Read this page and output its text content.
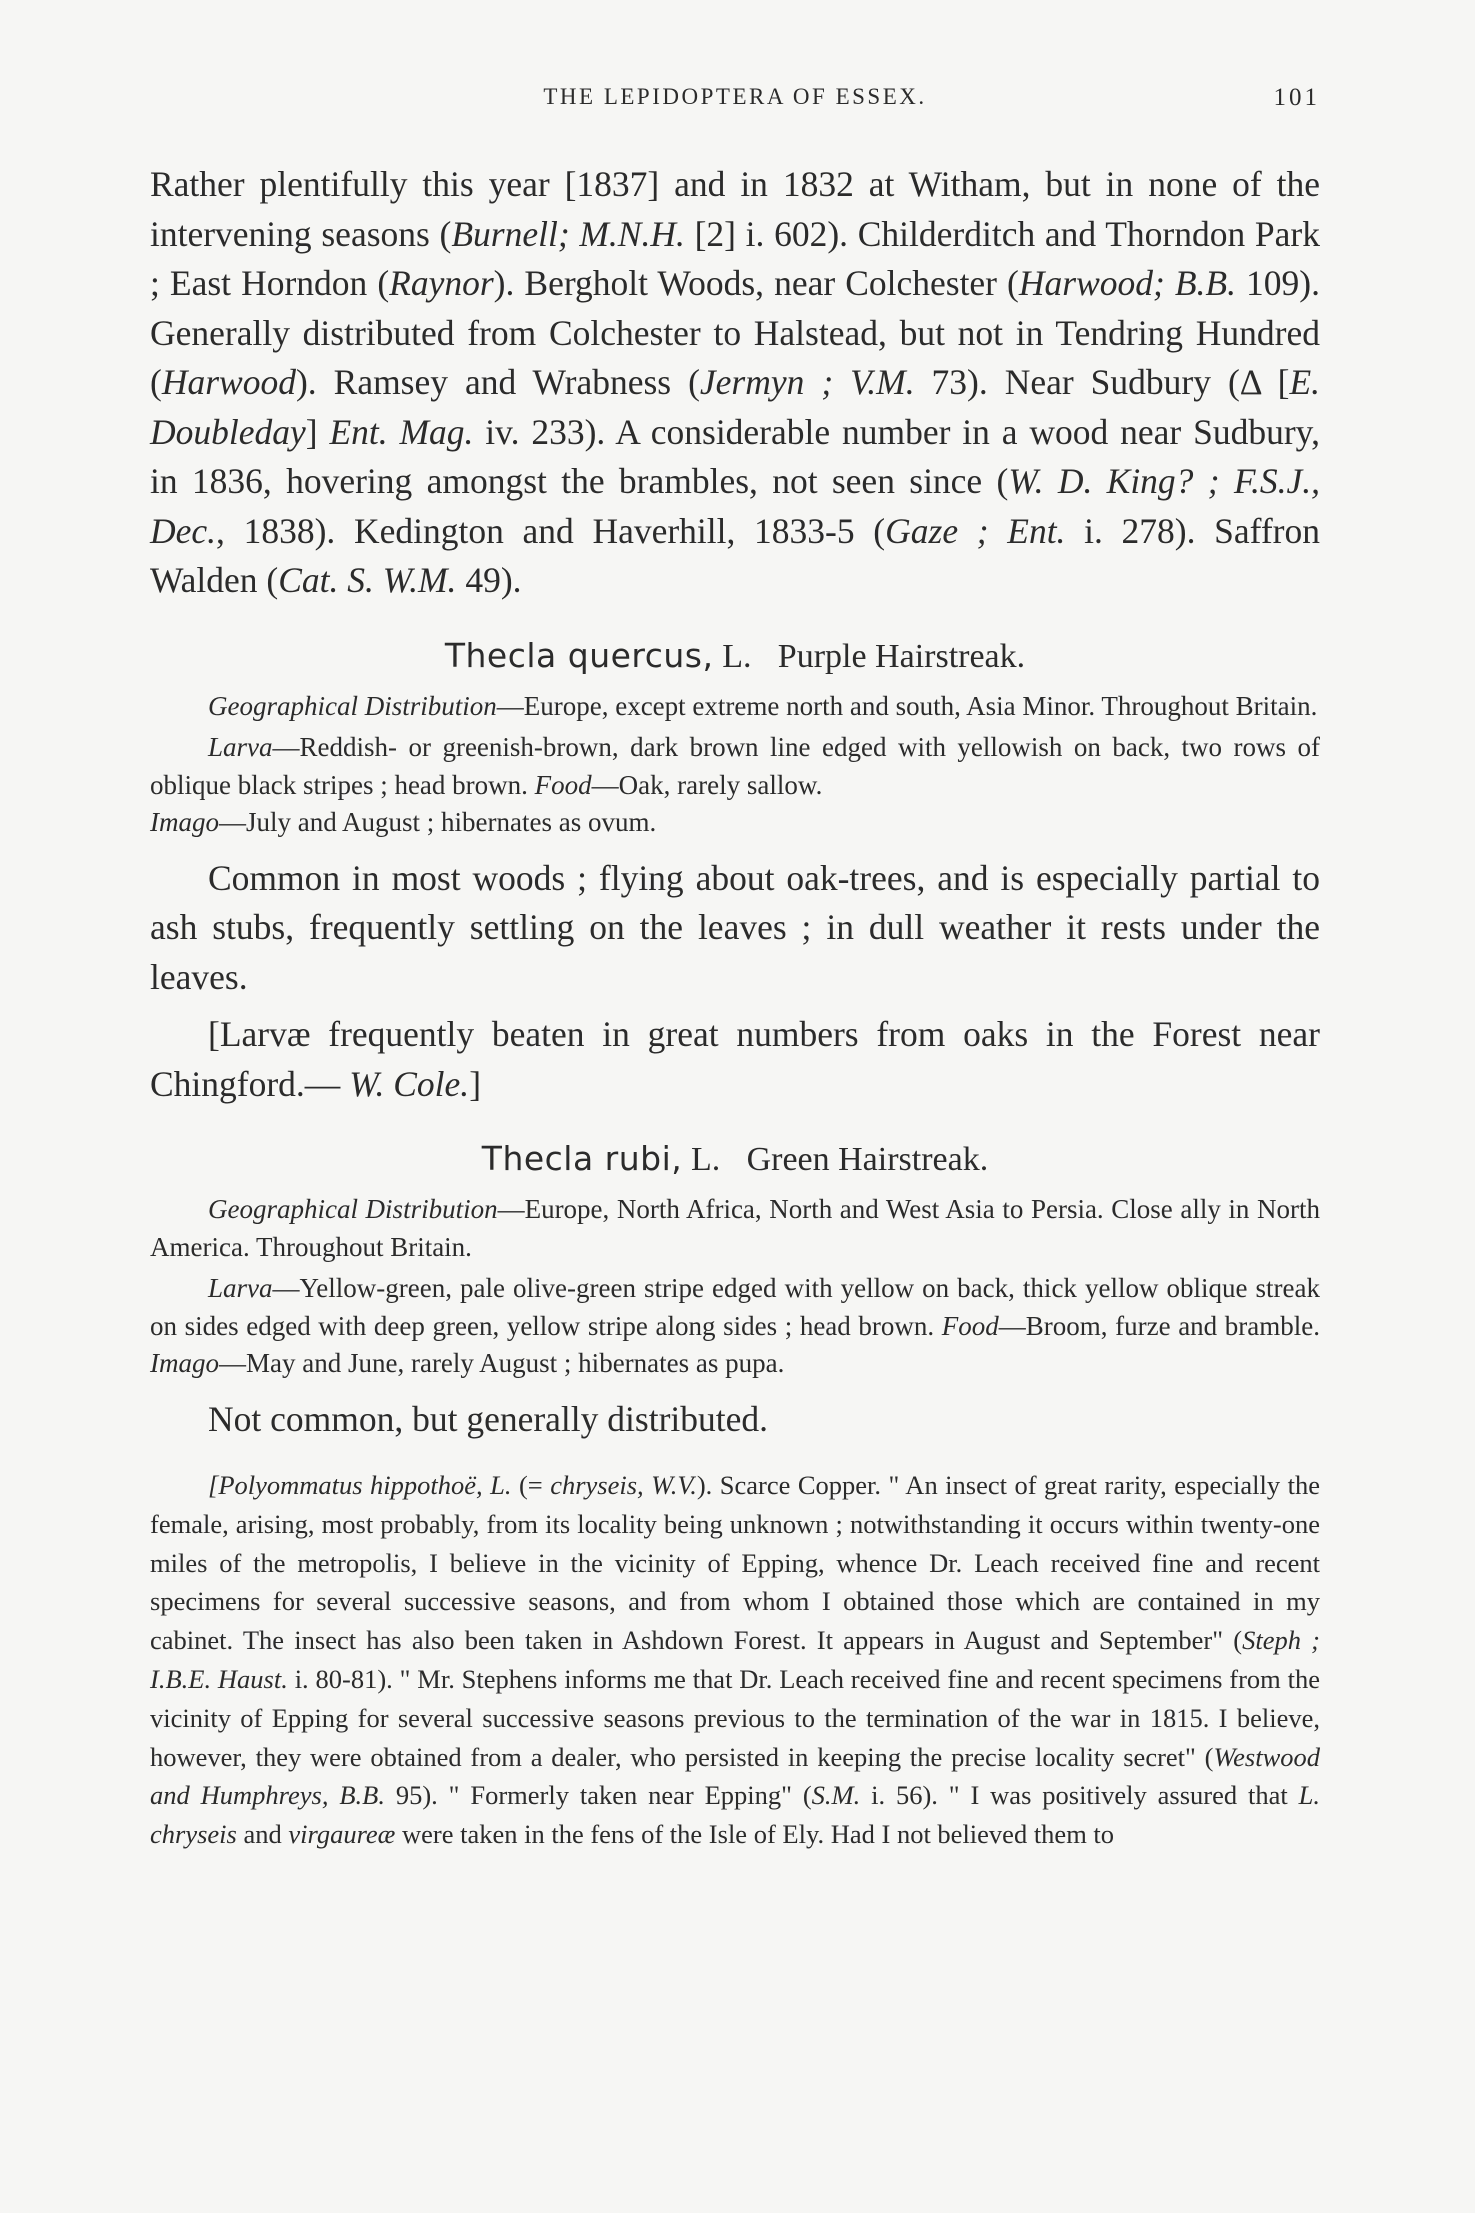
THE LEPIDOPTERA OF ESSEX.	101

Rather plentifully this year [1837] and in 1832 at Witham, but in none of the intervening seasons (Burnell; M.N.H. [2] i. 602). Childerditch and Thorndon Park ; East Horndon (Raynor). Bergholt Woods, near Colchester (Harwood; B.B. 109). Generally distributed from Colchester to Halstead, but not in Tendring Hundred (Harwood). Ramsey and Wrabness (Jermyn ; V.M. 73). Near Sudbury (Δ [E. Doubleday] Ent. Mag. iv. 233). A considerable number in a wood near Sudbury, in 1836, hovering amongst the brambles, not seen since (W. D. King? ; F.S.J., Dec., 1838). Kedington and Haverhill, 1833-5 (Gaze ; Ent. i. 278). Saffron Walden (Cat. S. W.M. 49).

Thecla quercus, L. Purple Hairstreak.

Geographical Distribution—Europe, except extreme north and south, Asia Minor. Throughout Britain.

Larva—Reddish- or greenish-brown, dark brown line edged with yellowish on back, two rows of oblique black stripes ; head brown. Food—Oak, rarely sallow.
Imago—July and August ; hibernates as ovum.

Common in most woods ; flying about oak-trees, and is especially partial to ash stubs, frequently settling on the leaves ; in dull weather it rests under the leaves.

[Larvæ frequently beaten in great numbers from oaks in the Forest near Chingford.— W. Cole.]

Thecla rubi, L. Green Hairstreak.

Geographical Distribution—Europe, North Africa, North and West Asia to Persia. Close ally in North America. Throughout Britain.

Larva—Yellow-green, pale olive-green stripe edged with yellow on back, thick yellow oblique streak on sides edged with deep green, yellow stripe along sides ; head brown. Food—Broom, furze and bramble. Imago—May and June, rarely August ; hibernates as pupa.

Not common, but generally distributed.

[Polyommatus hippothoë, L. (= chryseis, W.V.). Scarce Copper. " An insect of great rarity, especially the female, arising, most probably, from its locality being unknown ; notwithstanding it occurs within twenty-one miles of the metropolis, I believe in the vicinity of Epping, whence Dr. Leach received fine and recent specimens for several successive seasons, and from whom I obtained those which are contained in my cabinet. The insect has also been taken in Ashdown Forest. It appears in August and September" (Steph ; I.B.E. Haust. i. 80-81). " Mr. Stephens informs me that Dr. Leach received fine and recent specimens from the vicinity of Epping for several successive seasons previous to the termination of the war in 1815. I believe, however, they were obtained from a dealer, who persisted in keeping the precise locality secret" (Westwood and Humphreys, B.B. 95). " Formerly taken near Epping" (S.M. i. 56). " I was positively assured that L. chryseis and virgaureæ were taken in the fens of the Isle of Ely. Had I not believed them to
